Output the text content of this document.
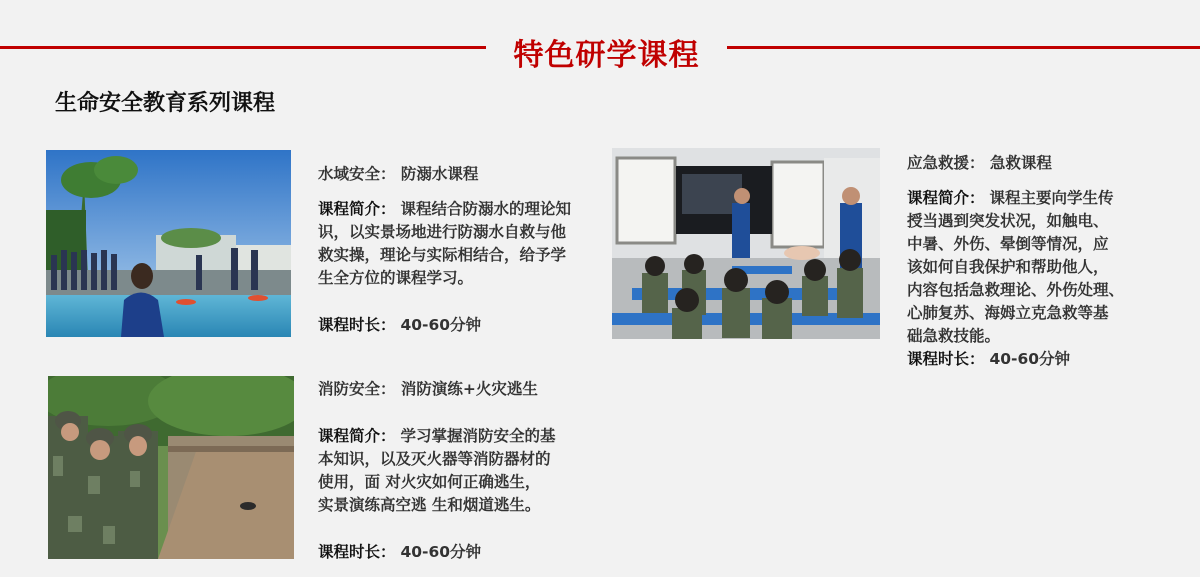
特色研学课程
生命安全教育系列课程

水域安全： 防溺水课程

课程简介： 课程结合防溺水的理论知
识，以实景场地进行防溺水自救与他
救实操，理论与实际相结合，给予学
生全方位的课程学习。

课程时长： 40-60分钟

消防安全： 消防演练+火灾逃生

课程简介： 学习掌握消防安全的基
本知识，以及灭火器等消防器材的
使用，面 对火灾如何正确逃生，
实景演练高空逃 生和烟道逃生。

课程时长： 40-60分钟

应急救援： 急救课程

课程简介： 课程主要向学生传
授当遇到突发状况，如触电、
中暑、外伤、晕倒等情况，应
该如何自我保护和帮助他人，
内容包括急救理论、外伤处理、
心肺复苏、海姆立克急救等基
础急救技能。

课程时长： 40-60分钟
